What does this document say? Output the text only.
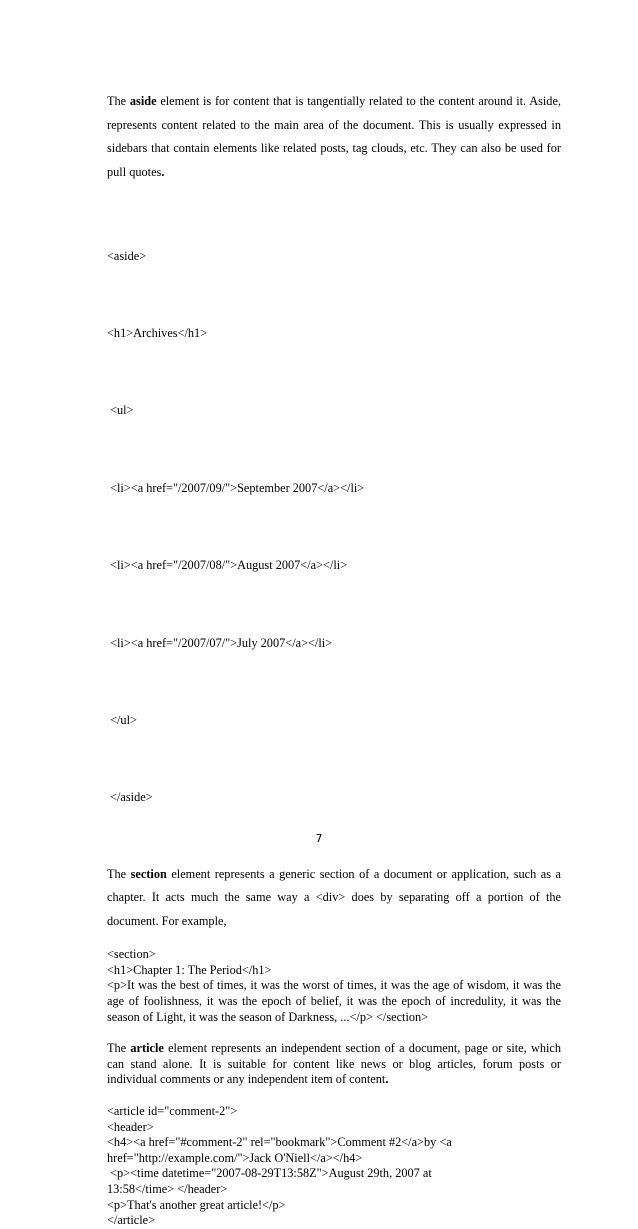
The aside element is for content that is tangentially related to the content around it. Aside, represents content related to the main area of the document. This is usually expressed in sidebars that contain elements like related posts, tag clouds, etc. They can also be used for pull quotes.

<aside>

<h1>Archives</h1>

<ul>

<li><a href="/2007/09/">September 2007</a></li>

<li><a href="/2007/08/">August 2007</a></li>

<li><a href="/2007/07/">July 2007</a></li>

</ul>

</aside>

The section element represents a generic section of a document or application, such as a chapter. It acts much the same way a <div> does by separating off a portion of the document. For example,

<section>
<h1>Chapter 1: The Period</h1>
<p>It was the best of times, it was the worst of times, it was the age of wisdom, it was the age of foolishness, it was the epoch of belief, it was the epoch of incredulity, it was the season of Light, it was the season of Darkness, ...</p> </section>
The article element represents an independent section of a document, page or site, which can stand alone. It is suitable for content like news or blog articles, forum posts or individual comments or any independent item of content.
<article id="comment-2">
<header>
<h4><a href="#comment-2" rel="bookmark">Comment #2</a>by <a
href="http://example.com/">Jack O'Niell</a></h4>
<p><time datetime="2007-08-29T13:58Z">August 29th, 2007 at
13:58</time> </header>
<p>That's another great article!</p>
</article>
7
